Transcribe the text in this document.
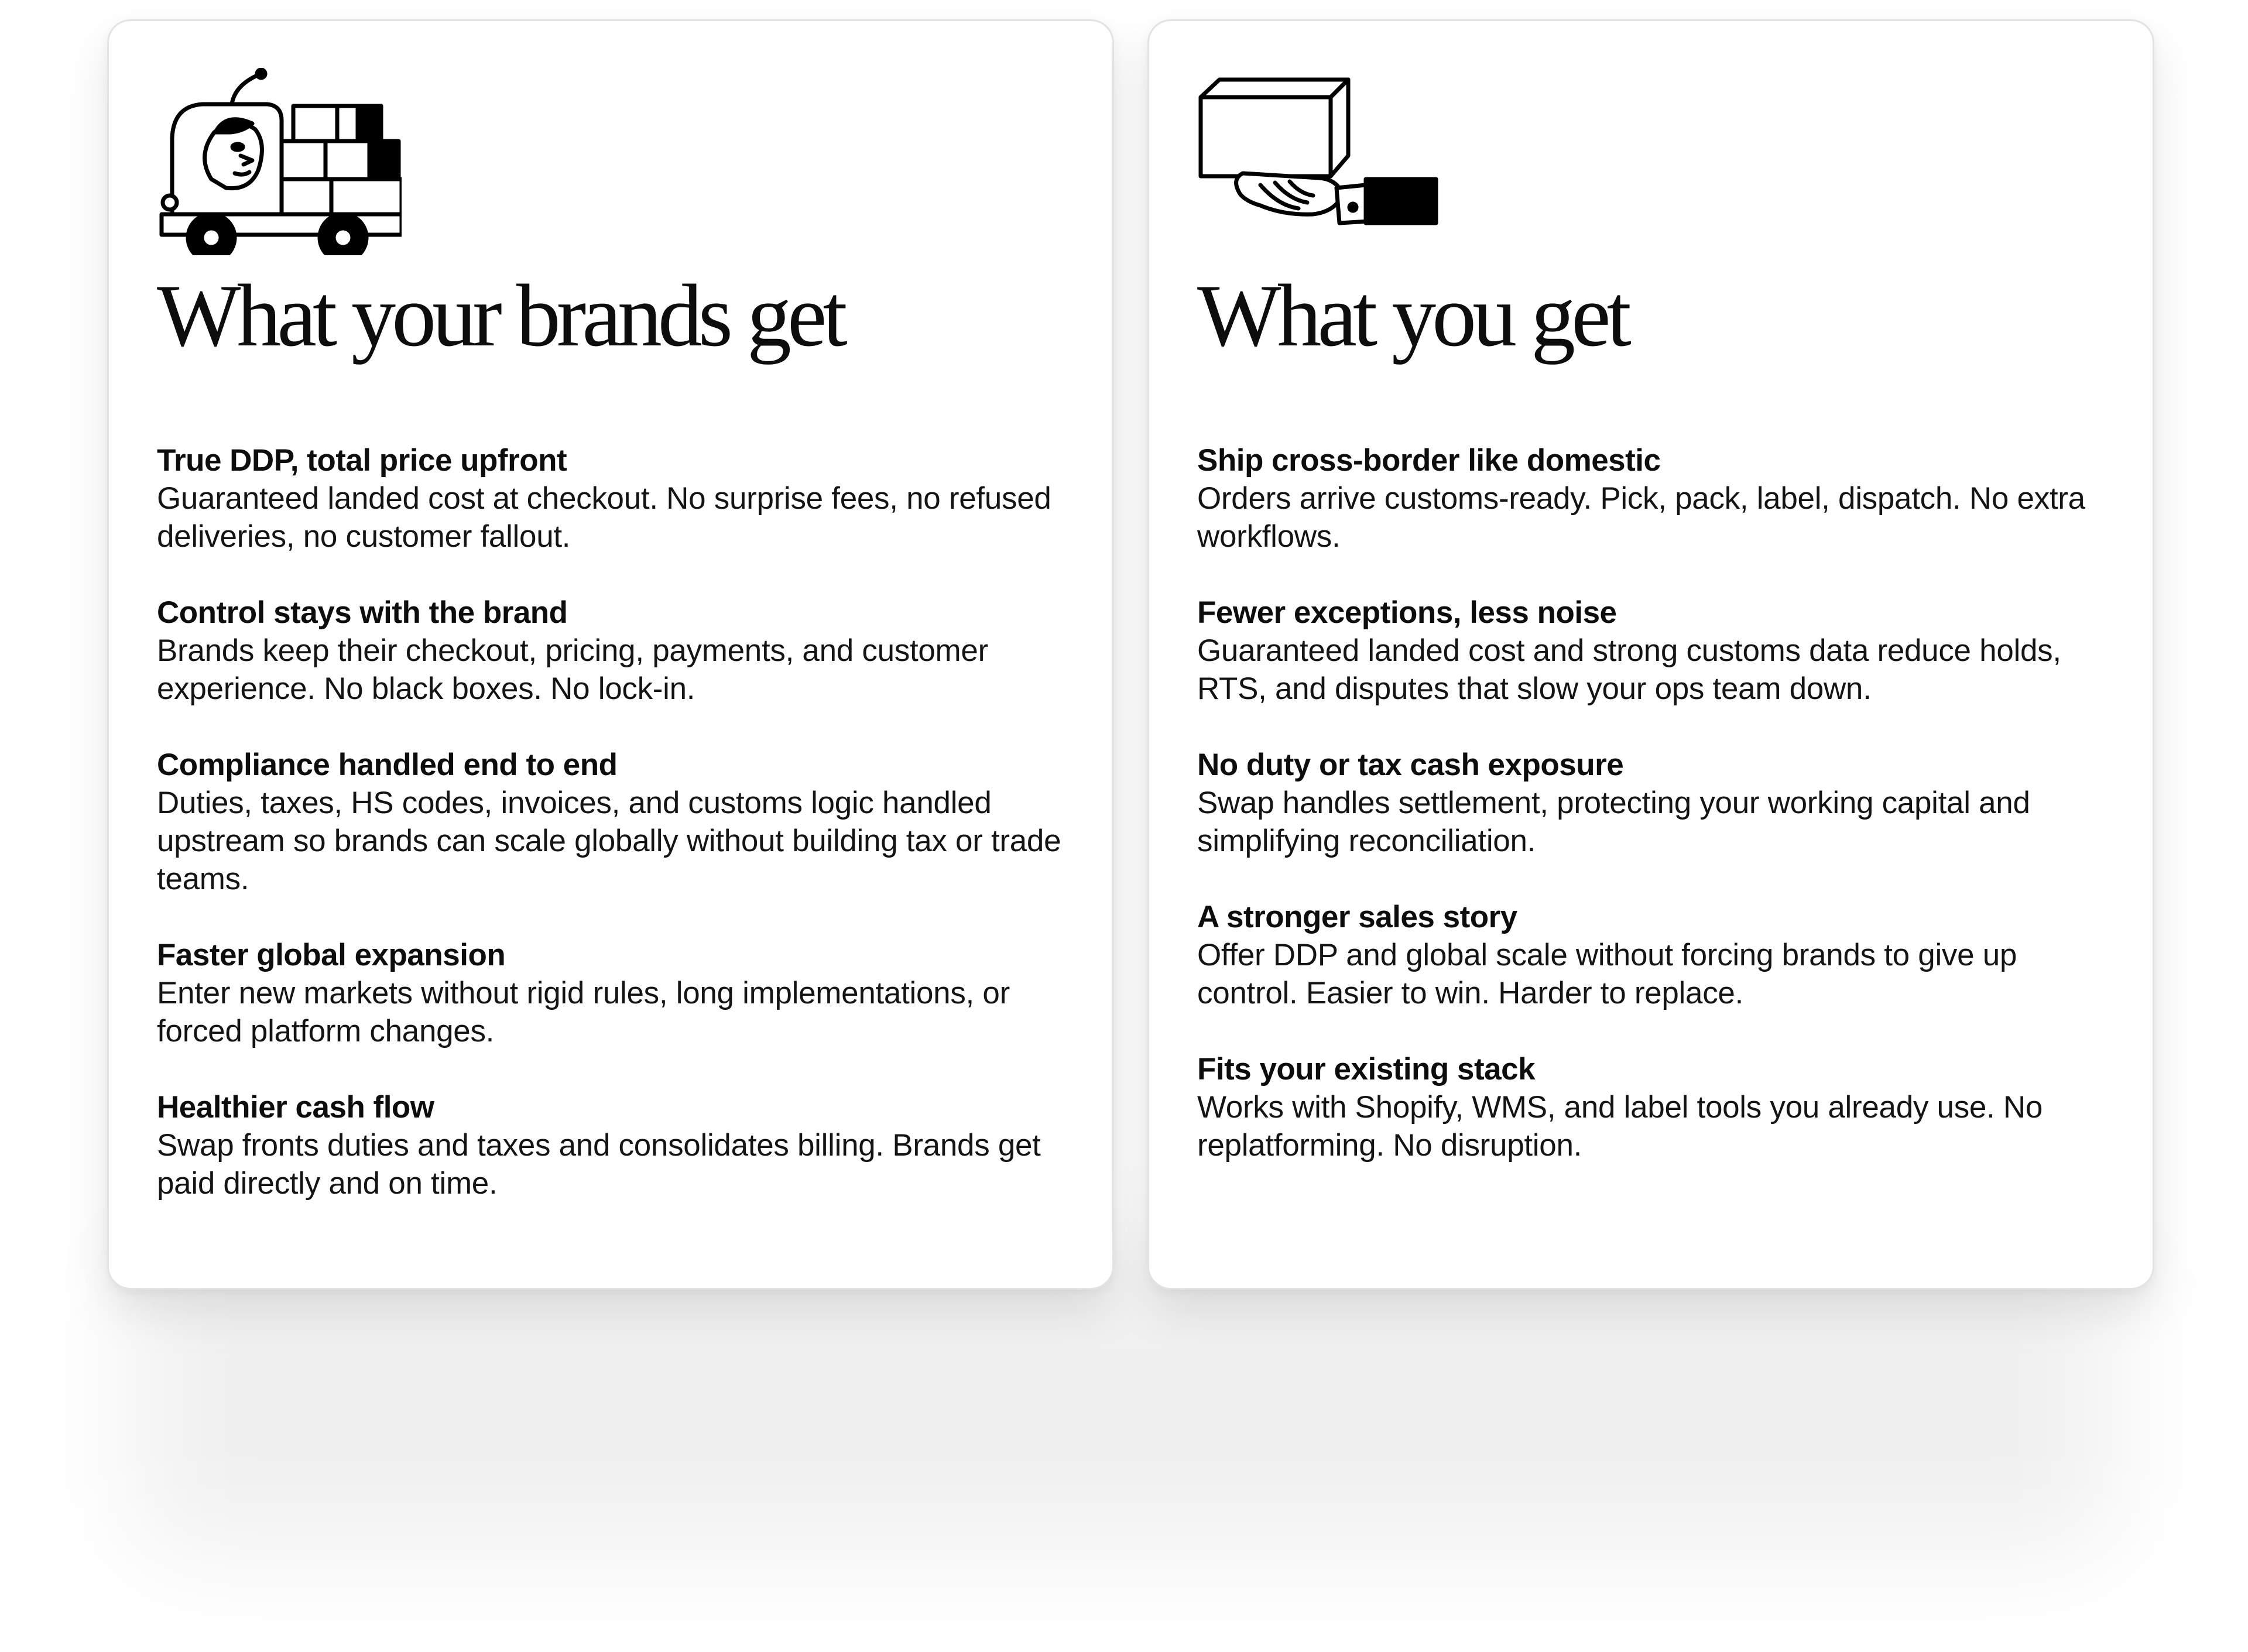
What your brands get
True DDP, total price upfront
Guaranteed landed cost at checkout. No surprise fees, no refused deliveries, no customer fallout.
Control stays with the brand
Brands keep their checkout, pricing, payments, and customer experience. No black boxes. No lock-in.
Compliance handled end to end
Duties, taxes, HS codes, invoices, and customs logic handled upstream so brands can scale globally without building tax or trade teams.
Faster global expansion
Enter new markets without rigid rules, long implementations, or forced platform changes.
Healthier cash flow
Swap fronts duties and taxes and consolidates billing. Brands get paid directly and on time.
What you get
Ship cross-border like domestic
Orders arrive customs-ready. Pick, pack, label, dispatch. No extra workflows.
Fewer exceptions, less noise
Guaranteed landed cost and strong customs data reduce holds, RTS, and disputes that slow your ops team down.
No duty or tax cash exposure
Swap handles settlement, protecting your working capital and simplifying reconciliation.
A stronger sales story
Offer DDP and global scale without forcing brands to give up control. Easier to win. Harder to replace.
Fits your existing stack
Works with Shopify, WMS, and label tools you already use. No replatforming. No disruption.
